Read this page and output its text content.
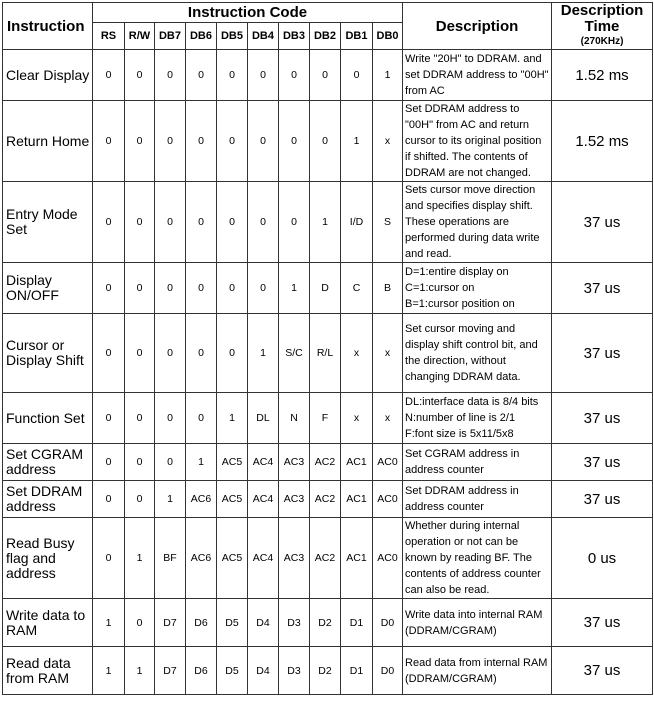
Instruction	Instruction Code										Description	Description Time
(270KHz)

	RS	R/W	DB7	DB6	DB5	DB4	DB3	DB2	DB1	DB0		
Clear Display	0	0	0	0	0	0	0	0	0	1	Write "20H" to DDRAM. and set DDRAM address to "00H" from AC	1.52 ms
Return Home	0	0	0	0	0	0	0	0	1	x	Set DDRAM address to "00H" from AC and return cursor to its original position if shifted. The contents of DDRAM are not changed.	1.52 ms
Entry Mode Set	0	0	0	0	0	0	0	1	I/D	S	Sets cursor move direction and specifies display shift. These operations are performed during data write and read.	37 us
Display ON/OFF	0	0	0	0	0	0	1	D	C	B	D=1:entire display on
C=1:cursor on
B=1:cursor position on	37 us
Cursor or Display Shift	0	0	0	0	0	1	S/C	R/L	x	x	Set cursor moving and display shift control bit, and the direction, without changing DDRAM data.	37 us
Function Set	0	0	0	0	1	DL	N	F	x	x	DL:interface data is 8/4 bits
N:number of line is 2/1
F:font size is 5x11/5x8	37 us
Set CGRAM address	0	0	0	1	AC5	AC4	AC3	AC2	AC1	AC0	Set CGRAM address in address counter	37 us
Set DDRAM address	0	0	1	AC6	AC5	AC4	AC3	AC2	AC1	AC0	Set DDRAM address in address counter	37 us
Read Busy flag and address	0	1	BF	AC6	AC5	AC4	AC3	AC2	AC1	AC0	Whether during internal operation or not can be known by reading BF. The contents of address counter can also be read.	0 us
Write data to RAM	1	0	D7	D6	D5	D4	D3	D2	D1	D0	Write data into internal RAM (DDRAM/CGRAM)	37 us
Read data from RAM	1	1	D7	D6	D5	D4	D3	D2	D1	D0	Read data from internal RAM (DDRAM/CGRAM)	37 us
